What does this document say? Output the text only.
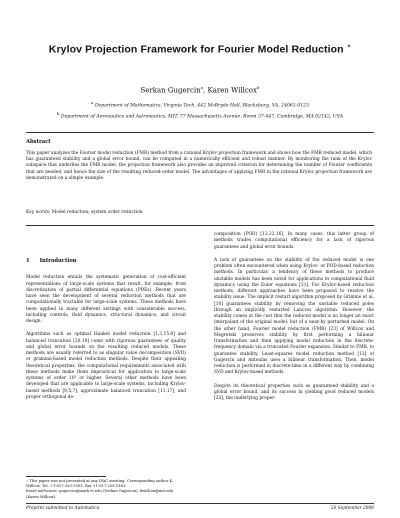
Krylov Projection Framework for Fourier Model Reduction ⋆
Serkan Gugercin$^a$, Karen Willcox$^b$
a Department of Mathematics, Virginia Tech, 442 McBryde Hall, Blacksburg, VA, 24061-0123
b Department of Aeronautics and Astronautics, MIT, 77 Massachusetts Avenue, Room 37-447, Cambridge, MA 02142, USA
Abstract
This paper analyzes the Fourier model reduction (FMR) method from a rational Krylov projection framework and shows how the FMR reduced model, which has guaranteed stability and a global error bound, can be computed in a numerically efficient and robust manner. By monitoring the rank of the Krylov subspace that underlies the FMR model, the projection framework also provides an improved criterion for determining the number of Fourier coefficients that are needed, and hence the size of the resulting reduced-order model. The advantages of applying FMR in the rational Krylov projection framework are demonstrated on a simple example.
Key words: Model reduction; system order reduction
1 Introduction

Model reduction entails the systematic generation of cost-efficient representations of large-scale systems that result, for example, from discretization of partial differential equations (PDEs). Recent years have seen the development of several reduction methods that are computationally tractable for large-scale systems. These methods have been applied in many different settings with considerable success, including controls, fluid dynamics, structural dynamics, and circuit design.

Algorithms such as optimal Hankel model reduction [1,3,15,8] and balanced truncation [20,19] come with rigorous guarantees of quality and global error bounds on the resulting reduced models. These methods are usually referred to as singular value decomposition (SVD) or gramian-based model reduction methods. Despite their appealing theoretical properties, the computational requirements associated with these methods make them impractical for application to large-scale systems of order 10³ or higher. Several other methods have been developed that are applicable to large-scale systems, including Krylov-based methods [9,5,7], approximate balanced truncation [11,17], and proper orthogonal de-

composition (POD) [13,22,16]. In many cases, this latter group of methods trades computational efficiency for a lack of rigorous guarantees and global error bounds.

A lack of guarantees on the stability of the reduced model is one problem often encountered when using Krylov- or POD-based reduction methods. In particular, a tendency of these methods to produce unstable models has been noted for applications in computational fluid dynamics using the Euler equations [21]. For Krylov-based reduction methods, different approaches have been proposed to resolve the stability issue. The implicit restart algorithm proposed by Grimme et al. [10] guarantees stability by removing the unstable reduced poles through an implicitly restarted Lanczos algorithm. However, the stability comes at the cost that the reduced model is no longer an exact interpolant of the original model, but of a near-by perturbed model. On the other hand, Fourier model reduction (FMR) [23] of Willcox and Megretski preserves stability by first performing a bilinear transformation and then applying model reduction in the discrete-frequency domain via a truncated Fourier expansion. Similar to FMR, to guarantee stability, Least-squares model reduction method [12] of Gugercin and Antoulas uses a bilinear transformation. Then, model reduction is performed in discrete-time in a different way by combining SVD and Krylov-based methods.

Despite its theoretical properties such as guaranteed stability and a global error bound, and its success in yielding good reduced models [23], the underlying proper-

⋆ This paper was not presented at any IFAC meeting. Corresponding author K. Willcox. Tel. +1-617-253-3503. Fax +1-617-258-5143.
Email addresses: gugercin@math.vt.edu (Serkan Gugercin), kwillcox@mit.edu (Karen Willcox).
Preprint submitted to Automatica	26 September 2006
